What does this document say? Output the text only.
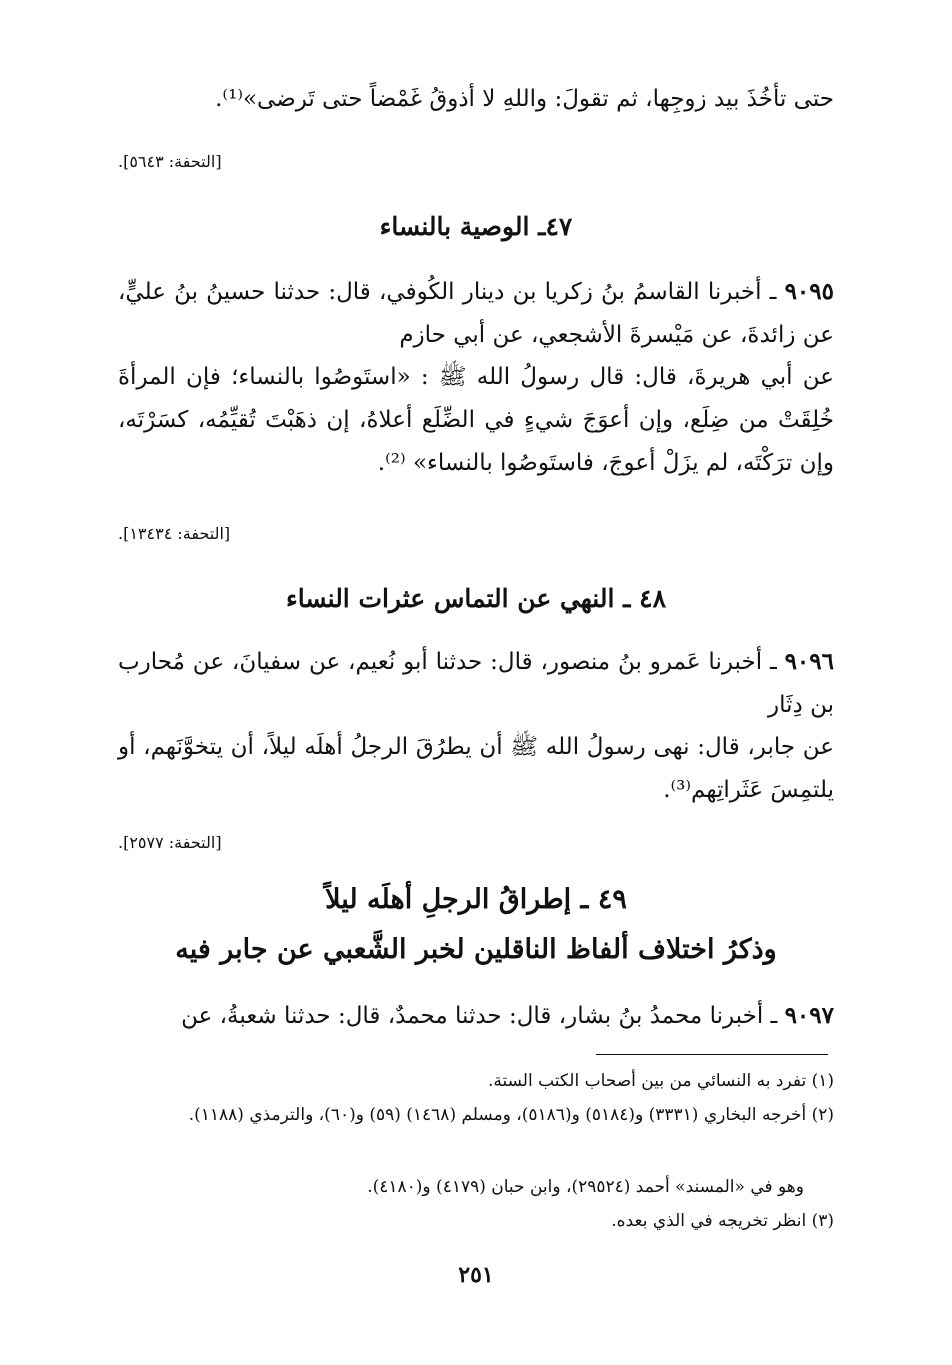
حتى تأخُذَ بيد زوجِها، ثم تقولَ: واللهِ لا أذوقُ غَمْضاً حتى تَرضى»⁽¹⁾.
[التحفة: ٥٦٤٣].
٤٧ـ الوصية بالنساء
٩٠٩٥ ـ أخبرنا القاسمُ بنُ زكريا بن دينار الكُوفي، قال: حدثنا حسينُ بنُ عليٍّ، عن زائدةَ، عن مَيْسرةَ الأشجعي، عن أبي حازم
عن أبي هريرةَ، قال: قال رسولُ الله ﷺ : «استَوصُوا بالنساء؛ فإن المرأةَ خُلِقَتْ من ضِلَع، وإن أعوَجَ شيءٍ في الضِّلَع أعلاهُ، إن ذهَبْتَ تُقيِّمُه، كسَرْتَه، وإن ترَكْتَه، لم يزَلْ أعوجَ، فاستَوصُوا بالنساء» ⁽²⁾.
[التحفة: ١٣٤٣٤].
٤٨ ـ النهي عن التماس عثرات النساء
٩٠٩٦ ـ أخبرنا عَمرو بنُ منصور، قال: حدثنا أبو نُعيم، عن سفيانَ، عن مُحارب بن دِثَار
عن جابر، قال: نهى رسولُ الله ﷺ أن يطرُقَ الرجلُ أهلَه ليلاً، أن يتخوَّنَهم، أو يلتمِسَ عَثَراتِهم⁽³⁾.
[التحفة: ٢٥٧٧].
٤٩ ـ إطراقُ الرجلِ أهلَه ليلاً
وذكرُ اختلاف ألفاظ الناقلين لخبر الشَّعبي عن جابر فيه
٩٠٩٧ ـ أخبرنا محمدُ بنُ بشار، قال: حدثنا محمدٌ، قال: حدثنا شعبةُ، عن
(١) تفرد به النسائي من بين أصحاب الكتب الستة.
(٢) أخرجه البخاري (٣٣٣١) و(٥١٨٤) و(٥١٨٦)، ومسلم (١٤٦٨) (٥٩) و(٦٠)، والترمذي (١١٨٨).
وهو في «المسند» أحمد (٢٩٥٢٤)، وابن حبان (٤١٧٩) و(٤١٨٠).
(٣) انظر تخريجه في الذي بعده.
٢٥١
